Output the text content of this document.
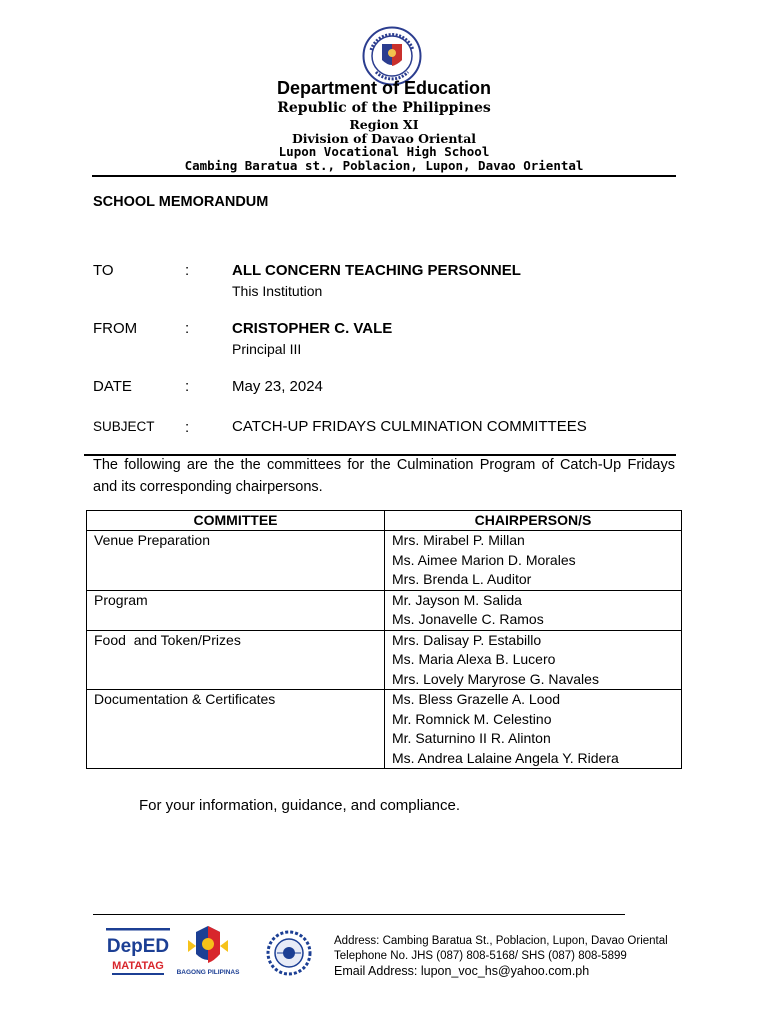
Department of Education
Republic of the Philippines
Region XI
Division of Davao Oriental
Lupon Vocational High School
Cambing Baratua st., Poblacion, Lupon, Davao Oriental
SCHOOL MEMORANDUM
TO	:	ALL CONCERN TEACHING PERSONNEL
This Institution
FROM	:	CRISTOPHER C. VALE
Principal III
DATE	:	May 23, 2024
SUBJECT :	CATCH-UP FRIDAYS CULMINATION COMMITTEES
The following are the the committees for the Culmination Program of Catch-Up Fridays and its corresponding chairpersons.
COMMITTEE	CHAIRPERSON/S
Venue Preparation	Mrs. Mirabel P. Millan
Ms. Aimee Marion D. Morales
Mrs. Brenda L. Auditor

Program	Mr. Jayson M. Salida
Ms. Jonavelle C. Ramos

Food  and Token/Prizes	Mrs. Dalisay P. Estabillo
Ms. Maria Alexa B. Lucero
Mrs. Lovely Maryrose G. Navales

Documentation & Certificates	Ms. Bless Grazelle A. Lood
Mr. Romnick M. Celestino
Mr. Saturnino II R. Alinton
Ms. Andrea Lalaine Angela Y. Ridera
For your information, guidance, and compliance.
DepED
MATATAG
BAGONG PILIPINAS
Address: Cambing Baratua St., Poblacion, Lupon, Davao Oriental
Telephone No. JHS (087) 808-5168/ SHS (087) 808-5899
Email Address: lupon_voc_hs@yahoo.com.ph
